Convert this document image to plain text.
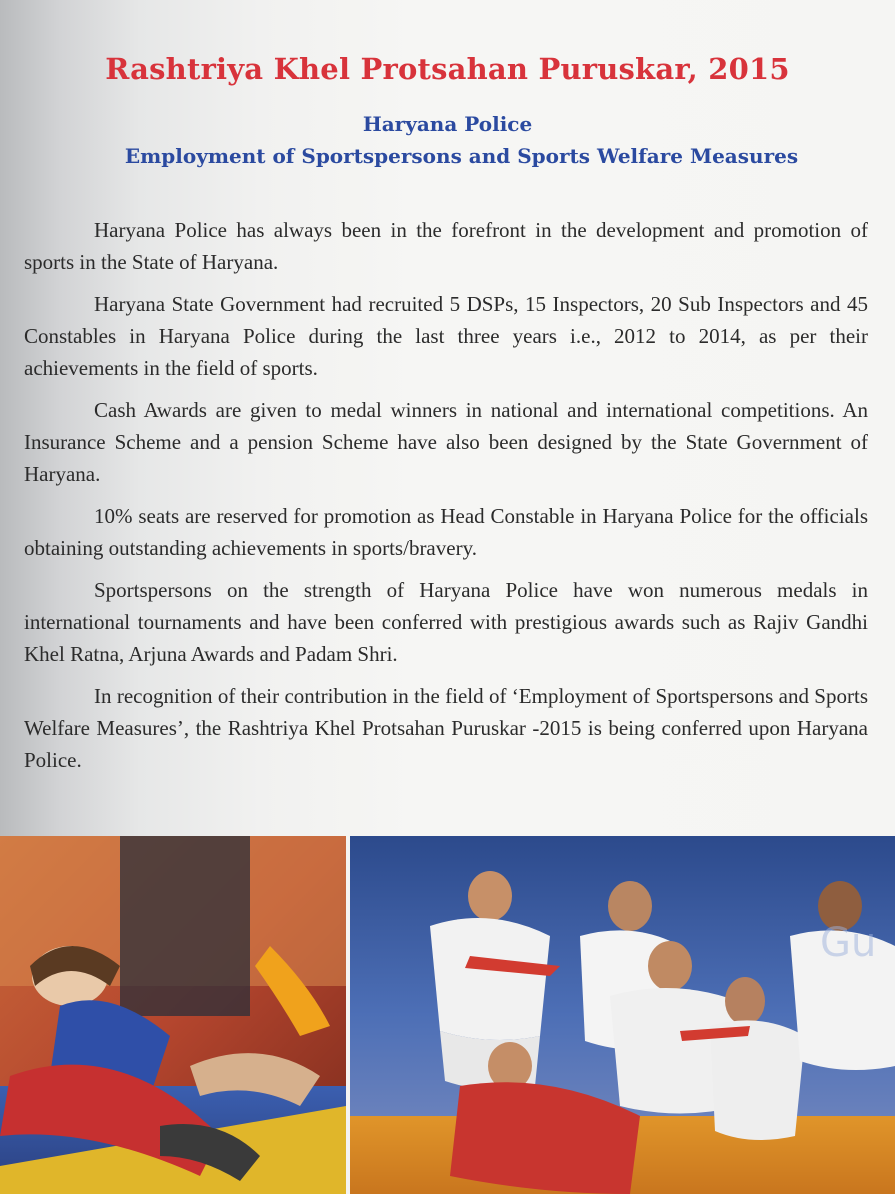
Rashtriya Khel Protsahan Puruskar, 2015
Haryana Police
Employment of Sportspersons and Sports Welfare Measures

Haryana Police has always been in the forefront in the development and promotion of sports in the State of Haryana.

Haryana State Government had recruited 5 DSPs, 15 Inspectors, 20 Sub Inspectors and 45 Constables in Haryana Police during the last three years i.e., 2012 to 2014, as per their achievements in the field of sports.

Cash Awards are given to medal winners in national and international competitions. An Insurance Scheme and a pension Scheme have also been designed by the State Government of Haryana.

10% seats are reserved for promotion as Head Constable in Haryana Police for the officials obtaining outstanding achievements in sports/bravery.

Sportspersons on the strength of Haryana Police have won numerous medals in international tournaments and have been conferred with prestigious awards such as Rajiv Gandhi Khel Ratna, Arjuna Awards and Padam Shri.

In recognition of their contribution in the field of ‘Employment of Sportspersons and Sports Welfare Measures’, the Rashtriya Khel Protsahan Puruskar -2015 is being conferred upon Haryana Police.

Gu
